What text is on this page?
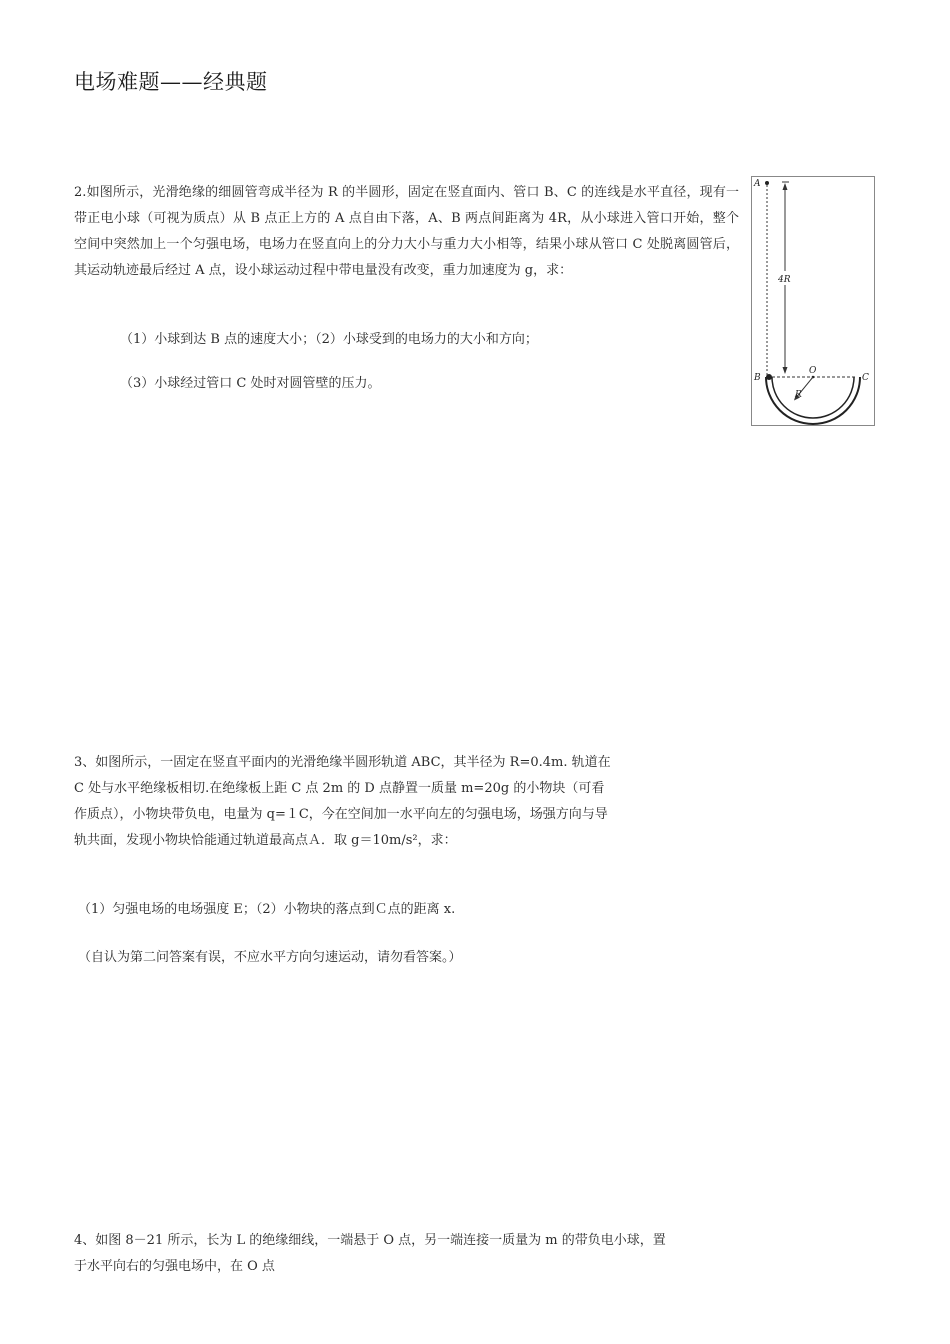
电场难题——经典题

2.如图所示，光滑绝缘的细圆管弯成半径为 R 的半圆形，固定在竖直面内、管口 B、C 的连线是水平直径，现有一带正电小球（可视为质点）从 B 点正上方的 A 点自由下落，A、B 两点间距离为 4R，从小球进入管口开始，整个空间中突然加上一个匀强电场，电场力在竖直向上的分力大小与重力大小相等，结果小球从管口 C 处脱离圆管后，其运动轨迹最后经过 A 点，设小球运动过程中带电量没有改变，重力加速度为 g，求：

（1）小球到达 B 点的速度大小；（2）小球受到的电场力的大小和方向；
（3）小球经过管口 C 处时对圆管壁的压力。
A
4R
B
O
C
R

3、如图所示，一固定在竖直平面内的光滑绝缘半圆形轨道 ABC，其半径为 R=0.4m. 轨道在 C 处与水平绝缘板相切.在绝缘板上距 C 点 2m 的 D 点静置一质量 m=20g 的小物块（可看作质点），小物块带负电，电量为 q=１C，今在空间加一水平向左的匀强电场，场强方向与导轨共面，发现小物块恰能通过轨道最高点Ａ．取 g＝10m/s²，求：

（1）匀强电场的电场强度 E；（2）小物块的落点到Ｃ点的距离 x.
（自认为第二问答案有误，不应水平方向匀速运动，请勿看答案。）

4、如图 8－21 所示，长为 L 的绝缘细线，一端悬于 O 点，另一端连接一质量为 m 的带负电小球，置于水平向右的匀强电场中，在 O 点
